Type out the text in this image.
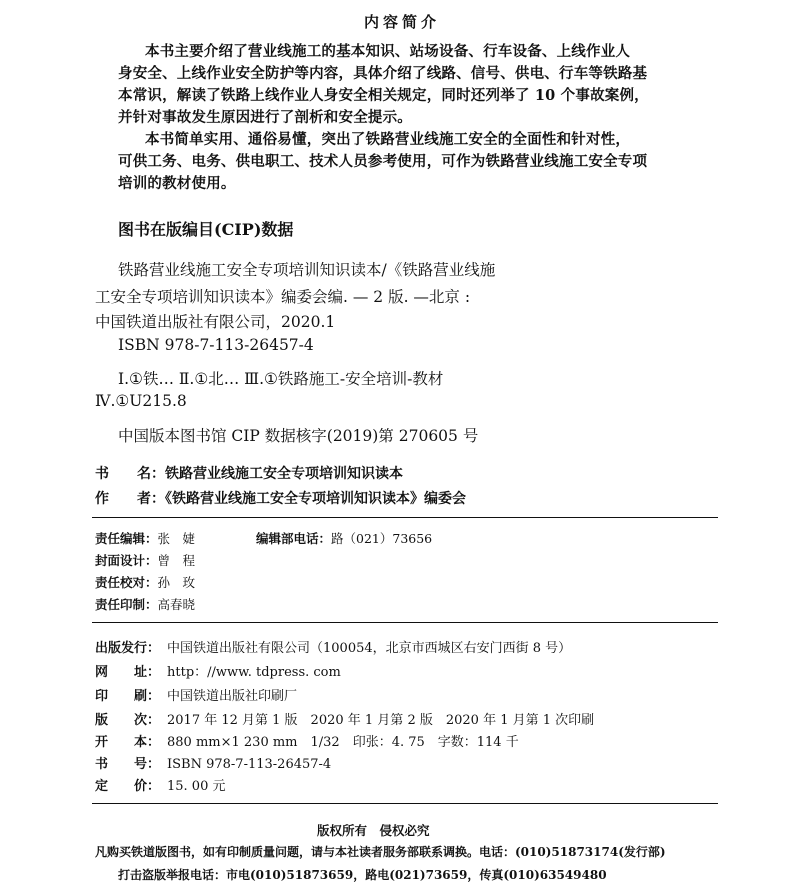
内容简介
本书主要介绍了营业线施工的基本知识、站场设备、行车设备、上线作业人
身安全、上线作业安全防护等内容，具体介绍了线路、信号、供电、行车等铁路基
本常识，解读了铁路上线作业人身安全相关规定，同时还列举了 10 个事故案例，
并针对事故发生原因进行了剖析和安全提示。
本书简单实用、通俗易懂，突出了铁路营业线施工安全的全面性和针对性，
可供工务、电务、供电职工、技术人员参考使用，可作为铁路营业线施工安全专项
培训的教材使用。
图书在版编目(CIP)数据
铁路营业线施工安全专项培训知识读本/《铁路营业线施
工安全专项培训知识读本》编委会编. — 2 版. —北京 :
中国铁道出版社有限公司，2020.1
ISBN 978-7-113-26457-4
Ⅰ.①铁… Ⅱ.①北… Ⅲ.①铁路施工-安全培训-教材
Ⅳ.①U215.8
中国版本图书馆 CIP 数据核字(2019)第 270605 号
书　　名：铁路营业线施工安全专项培训知识读本
作　　者：《铁路营业线施工安全专项培训知识读本》编委会
责任编辑：张　婕	编辑部电话：路（021）73656
封面设计：曾　程
责任校对：孙　玫
责任印制：高春晓
出版发行： 中国铁道出版社有限公司（100054，北京市西城区右安门西街 8 号）
网　　址： http：//www. tdpress. com
印　　刷： 中国铁道出版社印刷厂
版　　次： 2017 年 12 月第 1 版　2020 年 1 月第 2 版　2020 年 1 月第 1 次印刷
开　　本： 880 mm×1 230 mm　1/32　印张：4. 75　字数：114 千
书　　号： ISBN 978-7-113-26457-4
定　　价： 15. 00 元
版权所有　侵权必究
凡购买铁道版图书，如有印制质量问题，请与本社读者服务部联系调换。电话：(010)51873174(发行部)
打击盗版举报电话：市电(010)51873659，路电(021)73659，传真(010)63549480
